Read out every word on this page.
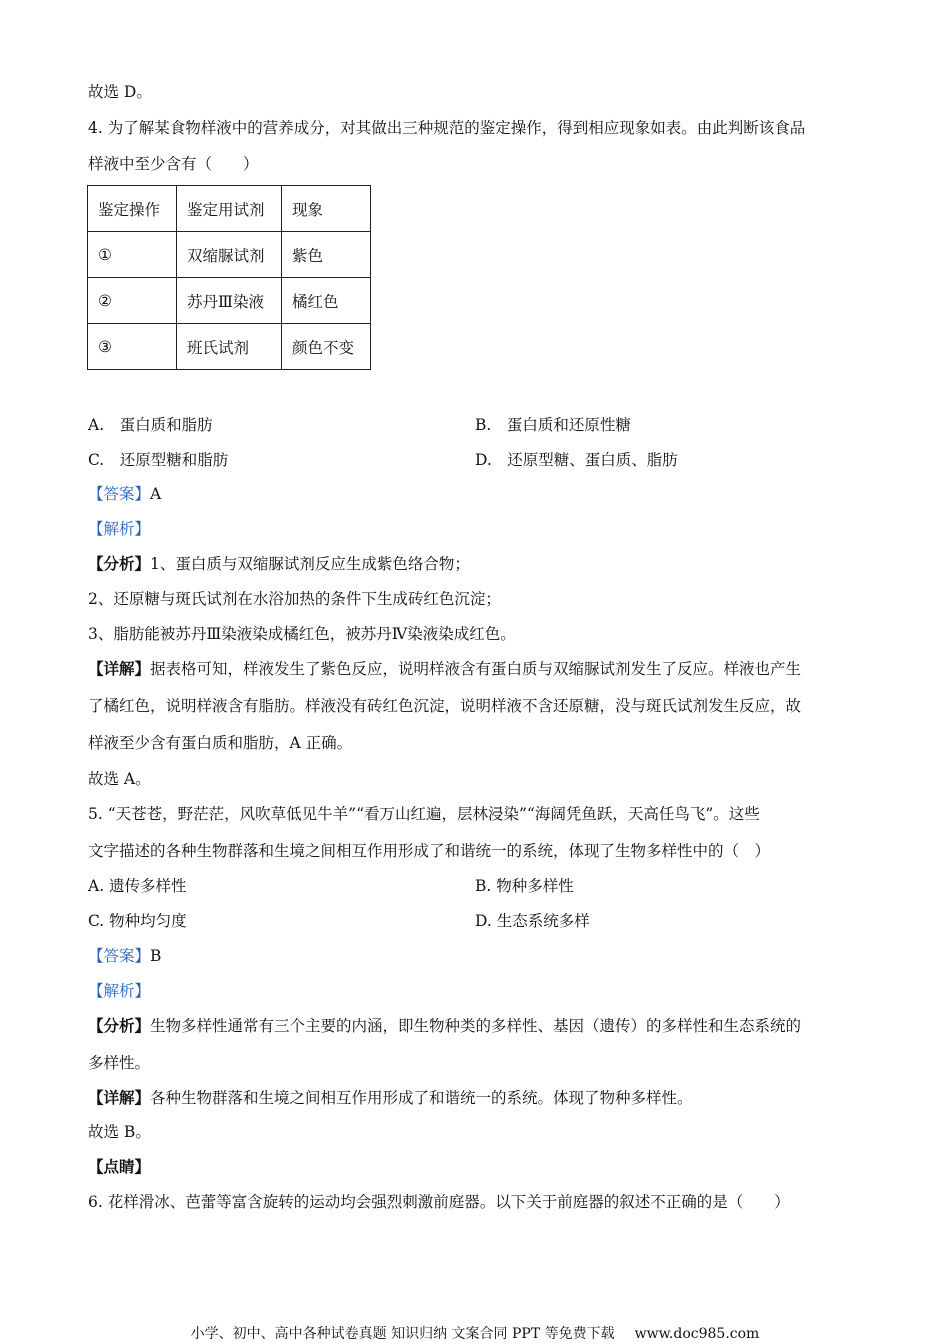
故选 D。
4. 为了解某食物样液中的营养成分，对其做出三种规范的鉴定操作，得到相应现象如表。由此判断该食品
样液中至少含有（　　）
鉴定操作	鉴定用试剂	现象
①	双缩脲试剂	紫色
②	苏丹Ⅲ染液	橘红色
③	班氏试剂	颜色不变
A.　蛋白质和脂肪	B.　蛋白质和还原性糖
C.　还原型糖和脂肪	D.　还原型糖、蛋白质、脂肪
【答案】A
【解析】
【分析】1、蛋白质与双缩脲试剂反应生成紫色络合物；
2、还原糖与斑氏试剂在水浴加热的条件下生成砖红色沉淀；
3、脂肪能被苏丹Ⅲ染液染成橘红色，被苏丹Ⅳ染液染成红色。
【详解】据表格可知，样液发生了紫色反应，说明样液含有蛋白质与双缩脲试剂发生了反应。样液也产生
了橘红色，说明样液含有脂肪。样液没有砖红色沉淀，说明样液不含还原糖，没与斑氏试剂发生反应，故
样液至少含有蛋白质和脂肪，A 正确。
故选 A。
5. “天苍苍，野茫茫，风吹草低见牛羊”“看万山红遍，层林浸染”“海阔凭鱼跃，天高任鸟飞”。这些
文字描述的各种生物群落和生境之间相互作用形成了和谐统一的系统，体现了生物多样性中的（　）
A. 遗传多样性	B. 物种多样性
C. 物种均匀度	D. 生态系统多样
【答案】B
【解析】
【分析】生物多样性通常有三个主要的内涵，即生物种类的多样性、基因（遗传）的多样性和生态系统的
多样性。
【详解】各种生物群落和生境之间相互作用形成了和谐统一的系统。体现了物种多样性。
故选 B。
【点睛】
6. 花样滑冰、芭蕾等富含旋转的运动均会强烈刺激前庭器。以下关于前庭器的叙述不正确的是（　　）
小学、初中、高中各种试卷真题 知识归纳 文案合同 PPT 等免费下载 www.doc985.com
